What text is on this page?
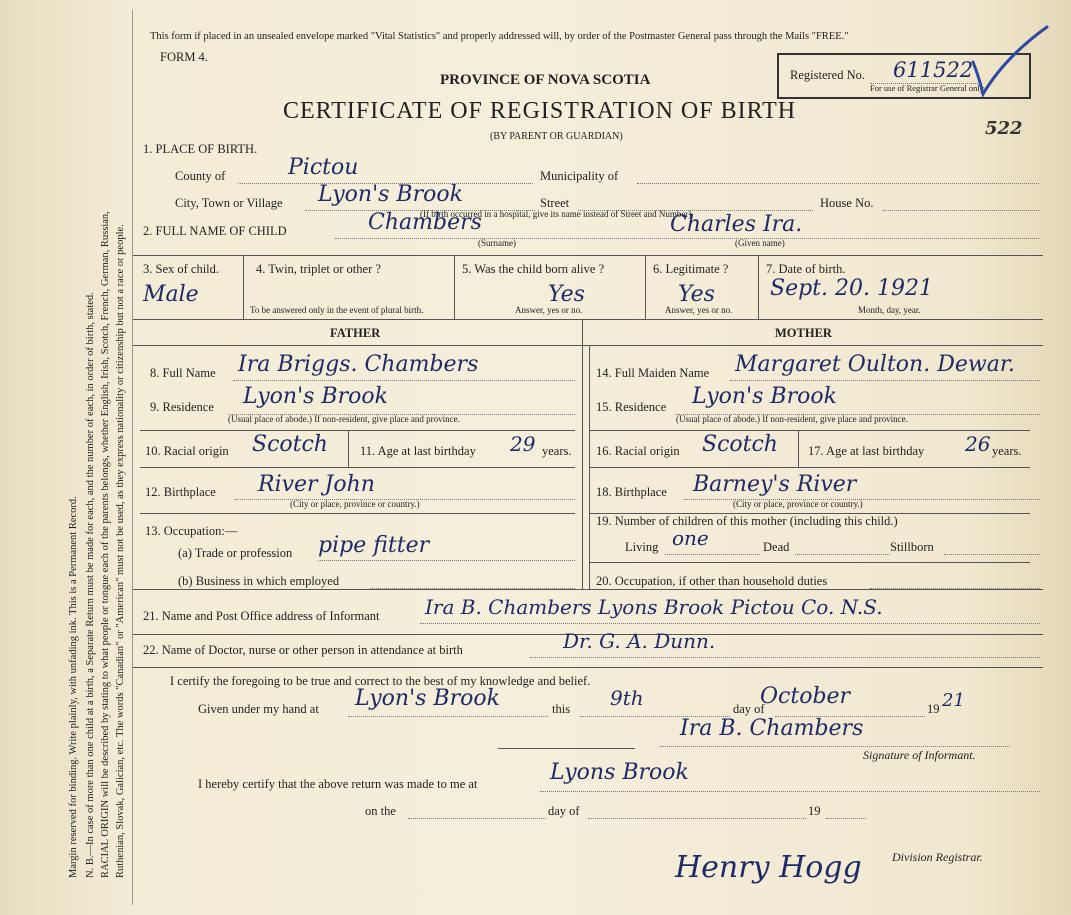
Margin reserved for binding. Write plainly, with unfading ink. This is a Permanent Record. N. B.—In case of more than one child at a birth, a Separate Return must be made for each, and the number of each, in order of birth, stated. RACIAL ORIGIN will be described by stating to what people or tongue each of the parents belongs, whether English, Irish, Scotch, French, German, Russian, Ruthenian, Slovak, Galician, etc. The words "Canadian" or "American" must not be used, as they express nationality or citizenship but not a race or people.
This form if placed in an unsealed envelope marked "Vital Statistics" and properly addressed will, by order of the Postmaster General pass through the Mails "FREE."
FORM 4.
PROVINCE OF NOVA SCOTIA
CERTIFICATE OF REGISTRATION OF BIRTH
(BY PARENT OR GUARDIAN)
Registered No. 611522
For use of Registrar General only.
522
1. PLACE OF BIRTH.
County of	Pictou	Municipality of
City, Town or Village Lyon's Brook	Street	House No.
(If birth occurred in a hospital, give its name instead of Street and Number)
2. FULL NAME OF CHILD	Chambers
(Surname)
Charles Ira.
(Given name)
3. Sex of child.
Male
4. Twin, triplet or other ?
To be answered only in the event of plural birth.
5. Was the child born alive ?
Yes
Answer, yes or no.
6. Legitimate ?
Yes
Answer, yes or no.
7. Date of birth.
Sept. 20. 1921
Month, day, year.
FATHER	MOTHER
8. Full Name Ira Briggs. Chambers
9. Residence Lyon's Brook
(Usual place of abode.) If non-resident, give place and province.
10. Racial origin Scotch	11. Age at last birthday 29 years.
12. Birthplace River John
(City or place, province or country.)
13. Occupation:—
(a) Trade or profession pipe fitter
(b) Business in which employed
14. Full Maiden Name Margaret Oulton. Dewar.
15. Residence Lyon's Brook
(Usual place of abode.) If non-resident, give place and province.
16. Racial origin Scotch 17. Age at last birthday 26 years.
18. Birthplace Barney's River
(City or place, province or country.)
19. Number of children of this mother (including this child.)
Living one	Dead	Stillborn
20. Occupation, if other than household duties
21. Name and Post Office address of Informant Ira B. Chambers Lyons Brook Pictou Co. N.S.
22. Name of Doctor, nurse or other person in attendance at birth	Dr. G. A. Dunn.
I certify the foregoing to be true and correct to the best of my knowledge and belief.
Given under my hand at Lyon's Brook	this 9th	day of
October	19 21
Ira B. Chambers
Signature of Informant.
I hereby certify that the above return was made to me at	Lyons Brook
on the	day of	19
Henry Hogg	Division Registrar.
